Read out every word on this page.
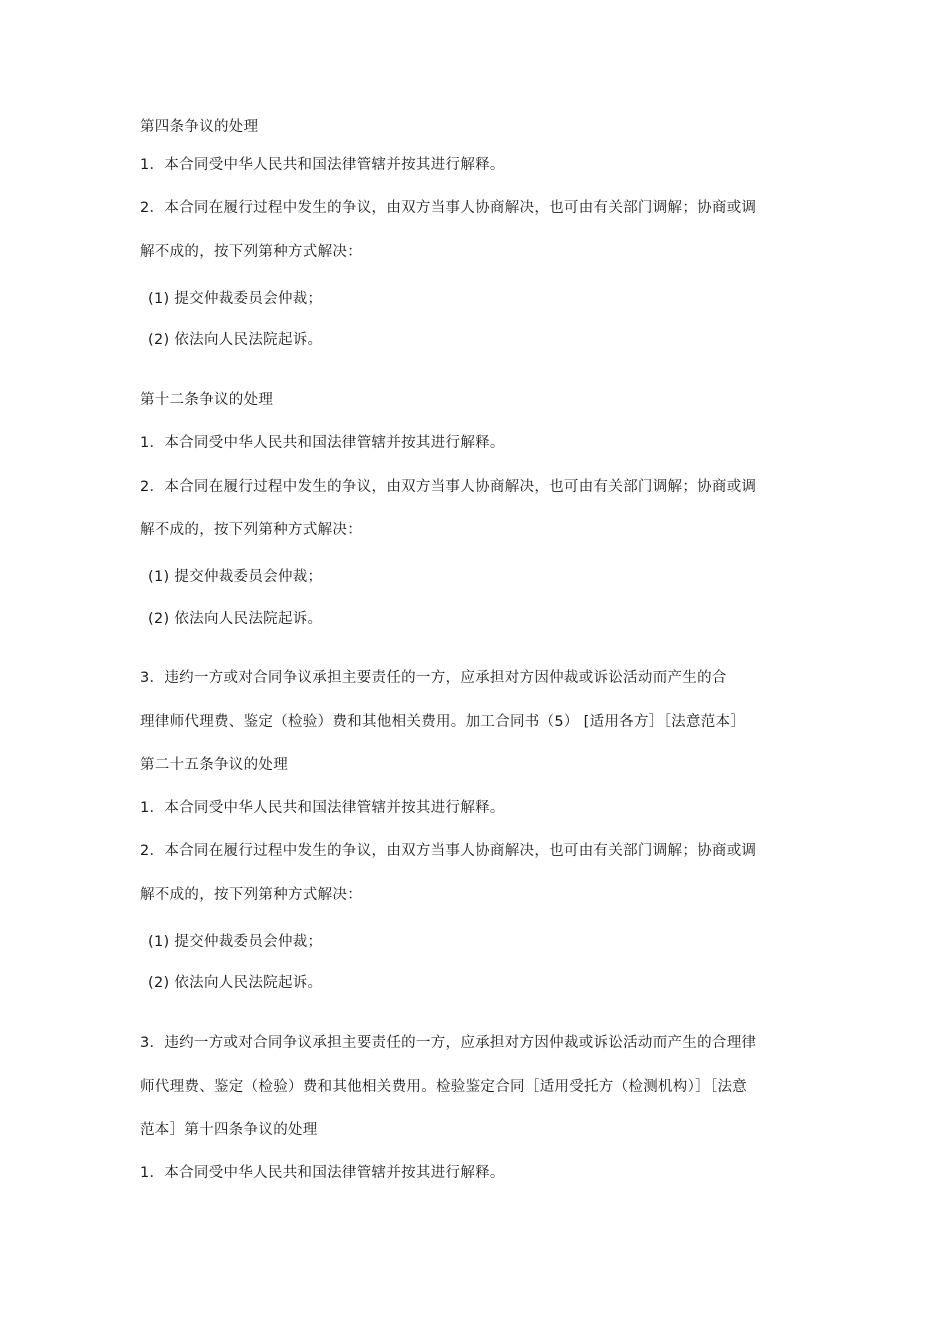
第四条争议的处理
1．本合同受中华人民共和国法律管辖并按其进行解释。
2．本合同在履行过程中发生的争议，由双方当事人协商解决，也可由有关部门调解；协商或调
解不成的，按下列第种方式解决：
(1) 提交仲裁委员会仲裁；
(2) 依法向人民法院起诉。
第十二条争议的处理
1．本合同受中华人民共和国法律管辖并按其进行解释。
2．本合同在履行过程中发生的争议，由双方当事人协商解决，也可由有关部门调解；协商或调
解不成的，按下列第种方式解决：
(1) 提交仲裁委员会仲裁；
(2) 依法向人民法院起诉。
3．违约一方或对合同争议承担主要责任的一方，应承担对方因仲裁或诉讼活动而产生的合
理律师代理费、鉴定（检验）费和其他相关费用。加工合同书（5） [适用各方］［法意范本］
第二十五条争议的处理
1．本合同受中华人民共和国法律管辖并按其进行解释。
2．本合同在履行过程中发生的争议，由双方当事人协商解决，也可由有关部门调解；协商或调
解不成的，按下列第种方式解决：
(1) 提交仲裁委员会仲裁；
(2) 依法向人民法院起诉。
3．违约一方或对合同争议承担主要责任的一方，应承担对方因仲裁或诉讼活动而产生的合理律
师代理费、鉴定（检验）费和其他相关费用。检验鉴定合同［适用受托方（检测机构）］［法意
范本］第十四条争议的处理
1．本合同受中华人民共和国法律管辖并按其进行解释。
